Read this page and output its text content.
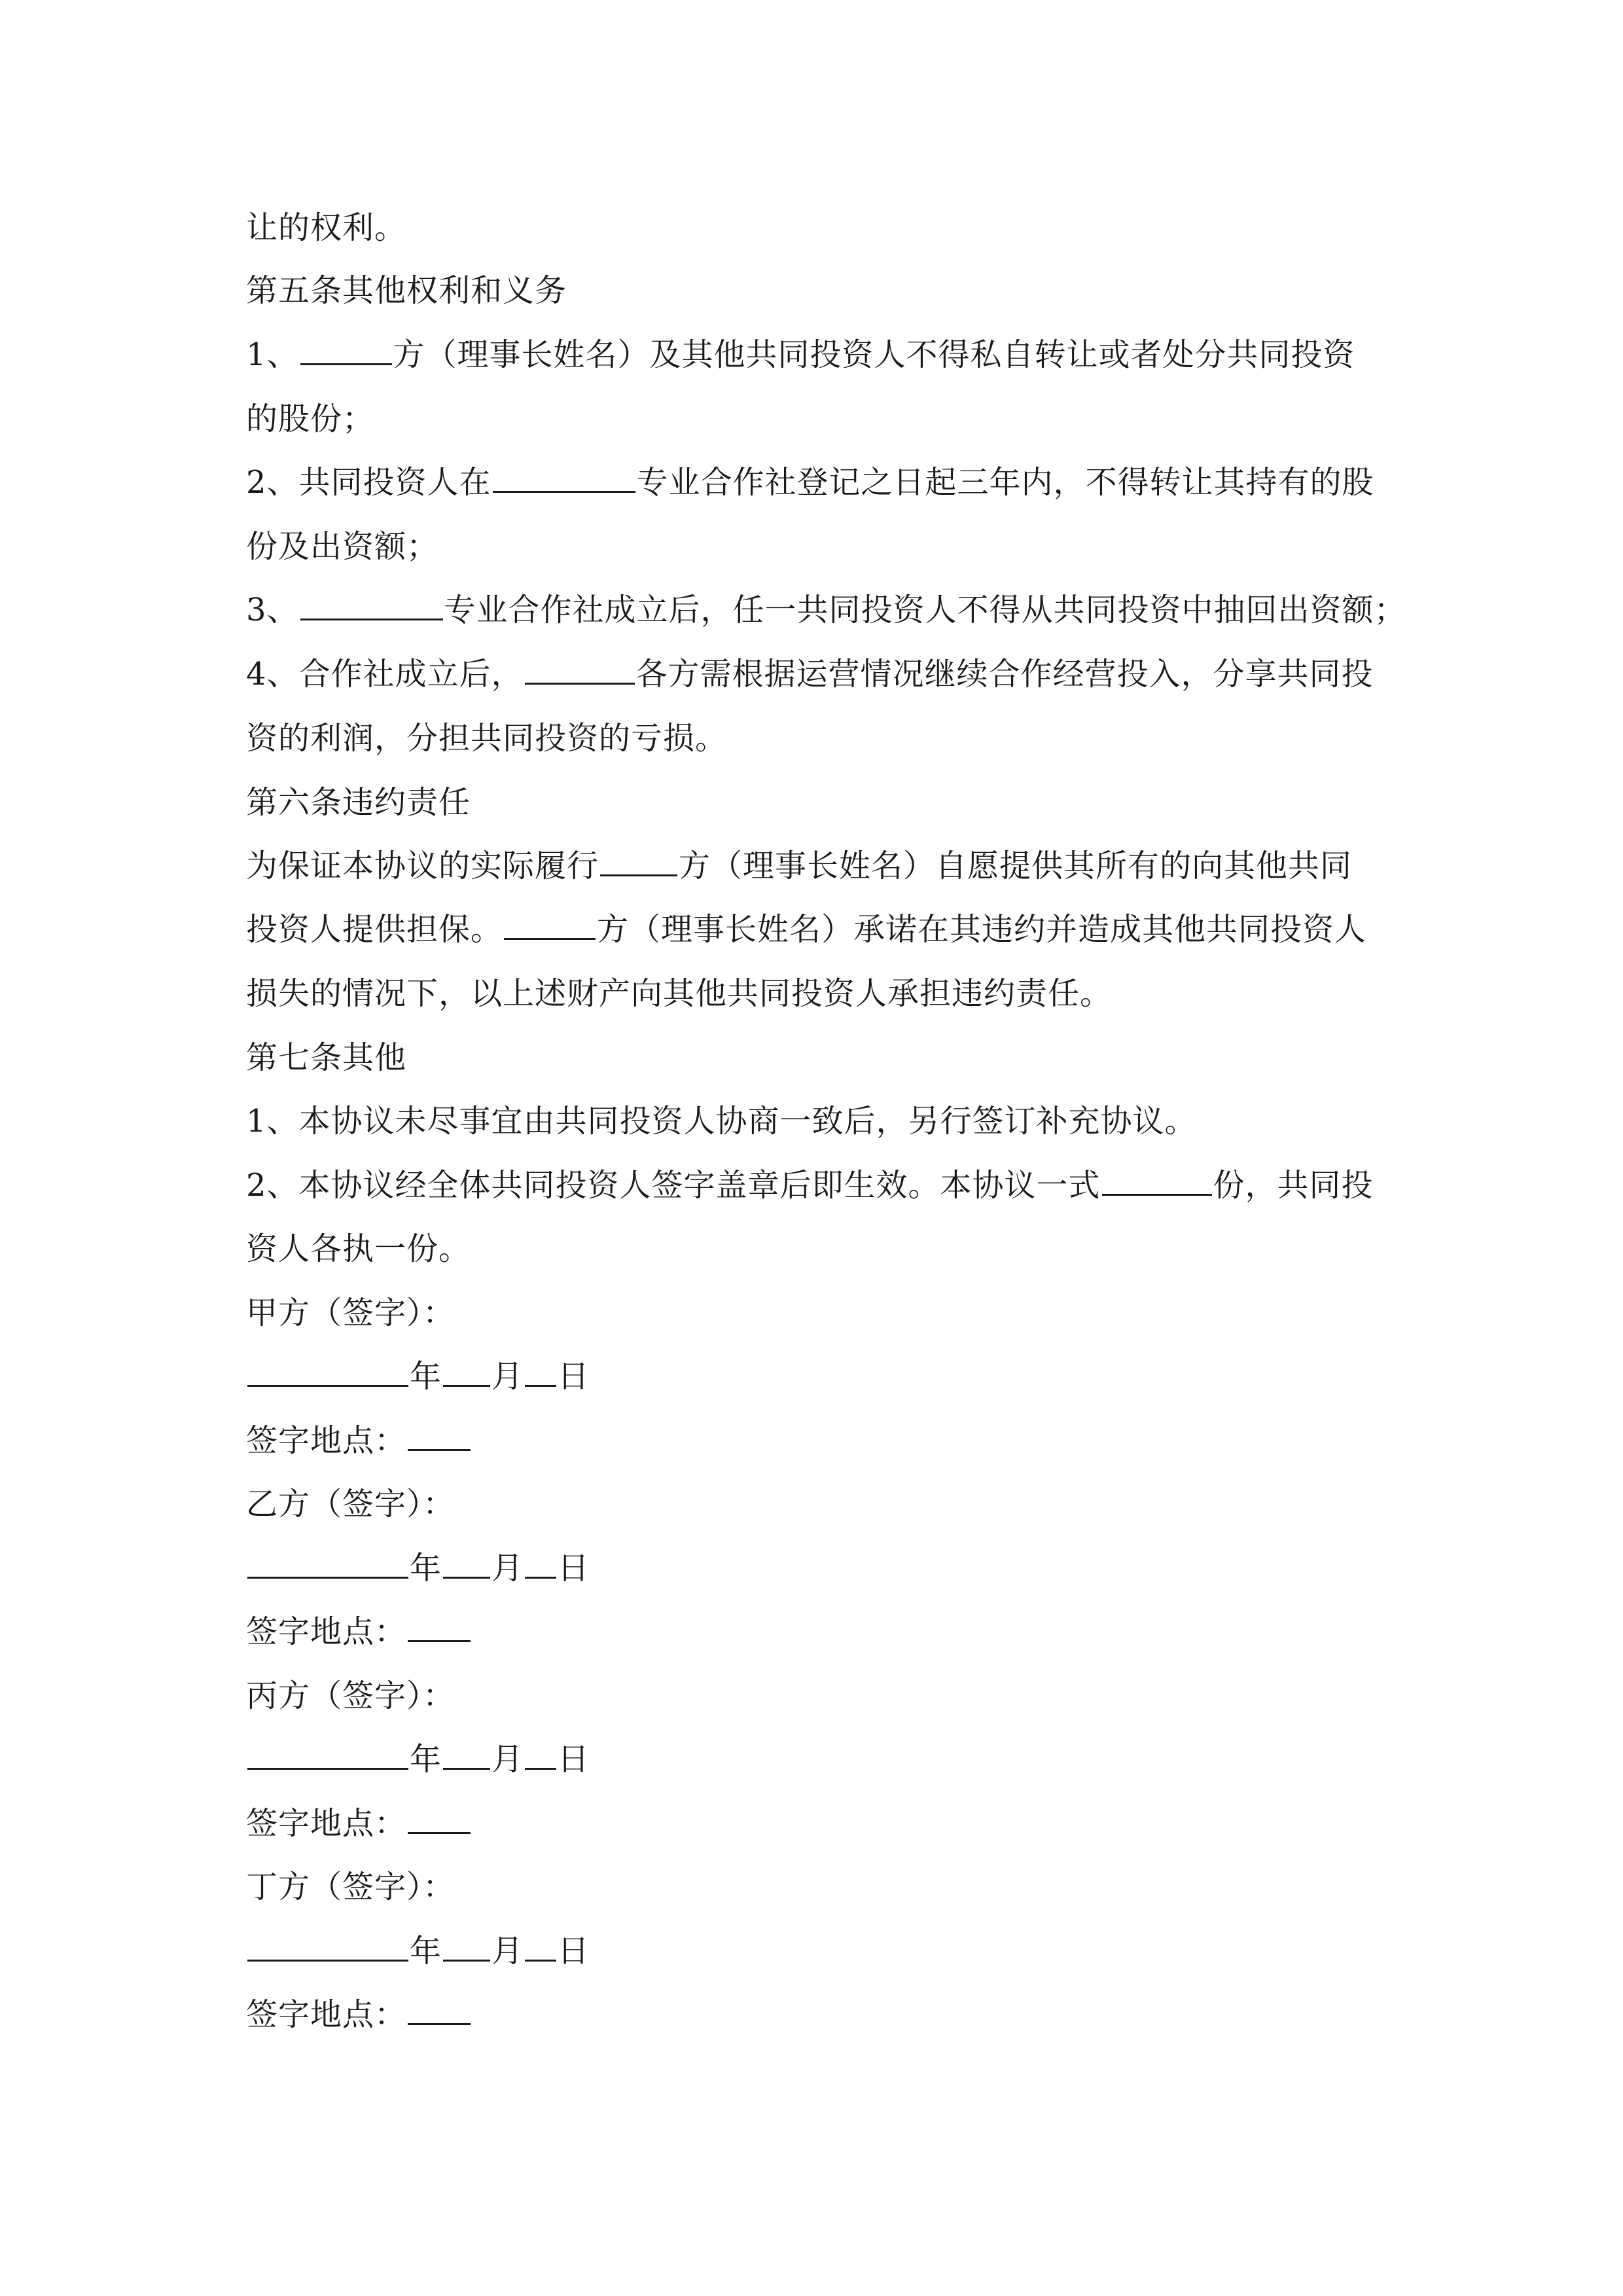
让的权利。
第五条其他权利和义务
1、	方（理事长姓名）及其他共同投资人不得私自转让或者处分共同投资
的股份；
2、共同投资人在	专业合作社登记之日起三年内，不得转让其持有的股
份及出资额；
3、	专业合作社成立后，任一共同投资人不得从共同投资中抽回出资额；
4、合作社成立后，	各方需根据运营情况继续合作经营投入，分享共同投
资的利润，分担共同投资的亏损。
第六条违约责任
为保证本协议的实际履行	方（理事长姓名）自愿提供其所有的向其他共同
投资人提供担保。	方（理事长姓名）承诺在其违约并造成其他共同投资人
损失的情况下，以上述财产向其他共同投资人承担违约责任。
第七条其他
1、本协议未尽事宜由共同投资人协商一致后，另行签订补充协议。
2、本协议经全体共同投资人签字盖章后即生效。本协议一式	份，共同投
资人各执一份。
甲方（签字）：
年 月 日
签字地点：
乙方（签字）：
年 月 日
签字地点：
丙方（签字）：
年 月 日
签字地点：
丁方（签字）：
年 月 日
签字地点：
